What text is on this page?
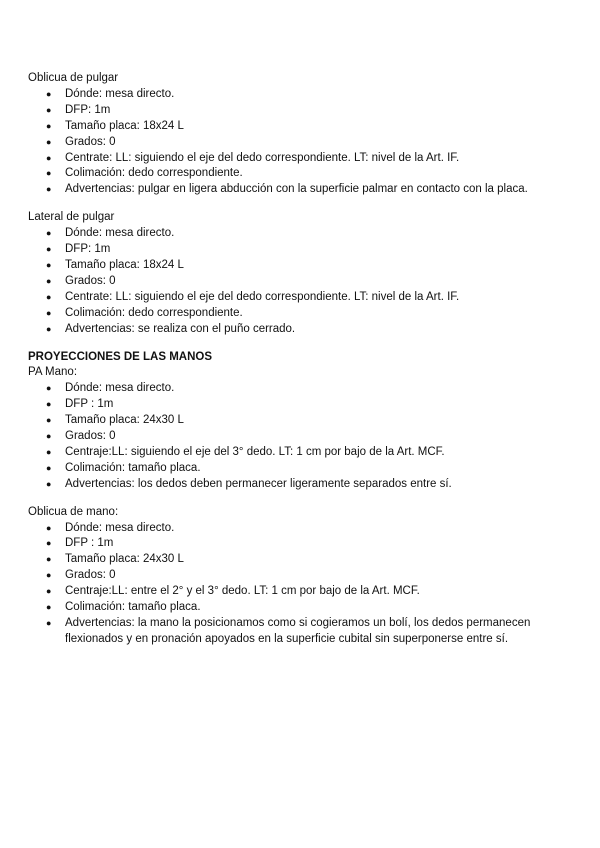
Oblicua de pulgar

●	Dónde: mesa directo.
●	DFP: 1m
●	Tamaño placa: 18x24 L
●	Grados: 0
●	Centrate: LL: siguiendo el eje del dedo correspondiente. LT: nivel de la Art. IF.
●	Colimación: dedo correspondiente.
●	Advertencias: pulgar en ligera abducción con la superficie palmar en contacto con la placa.

Lateral de pulgar

●	Dónde: mesa directo.
●	DFP: 1m
●	Tamaño placa: 18x24 L
●	Grados: 0
●	Centrate: LL: siguiendo el eje del dedo correspondiente. LT: nivel de la Art. IF.
●	Colimación: dedo correspondiente.
●	Advertencias: se realiza con el puño cerrado.

PROYECCIONES DE LAS MANOS

PA Mano:

●	Dónde: mesa directo.
●	DFP : 1m
●	Tamaño placa: 24x30 L
●	Grados: 0
●	Centraje:LL: siguiendo el eje del 3° dedo. LT: 1 cm por bajo de la Art. MCF.
●	Colimación: tamaño placa.
●	Advertencias: los dedos deben permanecer ligeramente separados entre sí.

Oblicua de mano:

●	Dónde: mesa directo.
●	DFP : 1m
●	Tamaño placa: 24x30 L
●	Grados: 0
●	Centraje:LL: entre el 2° y el 3° dedo. LT: 1 cm por bajo de la Art. MCF.
●	Colimación: tamaño placa.
●	Advertencias: la mano la posicionamos como si cogieramos un bolí, los dedos permanecen flexionados y en pronación apoyados en la superficie cubital sin superponerse entre sí.
